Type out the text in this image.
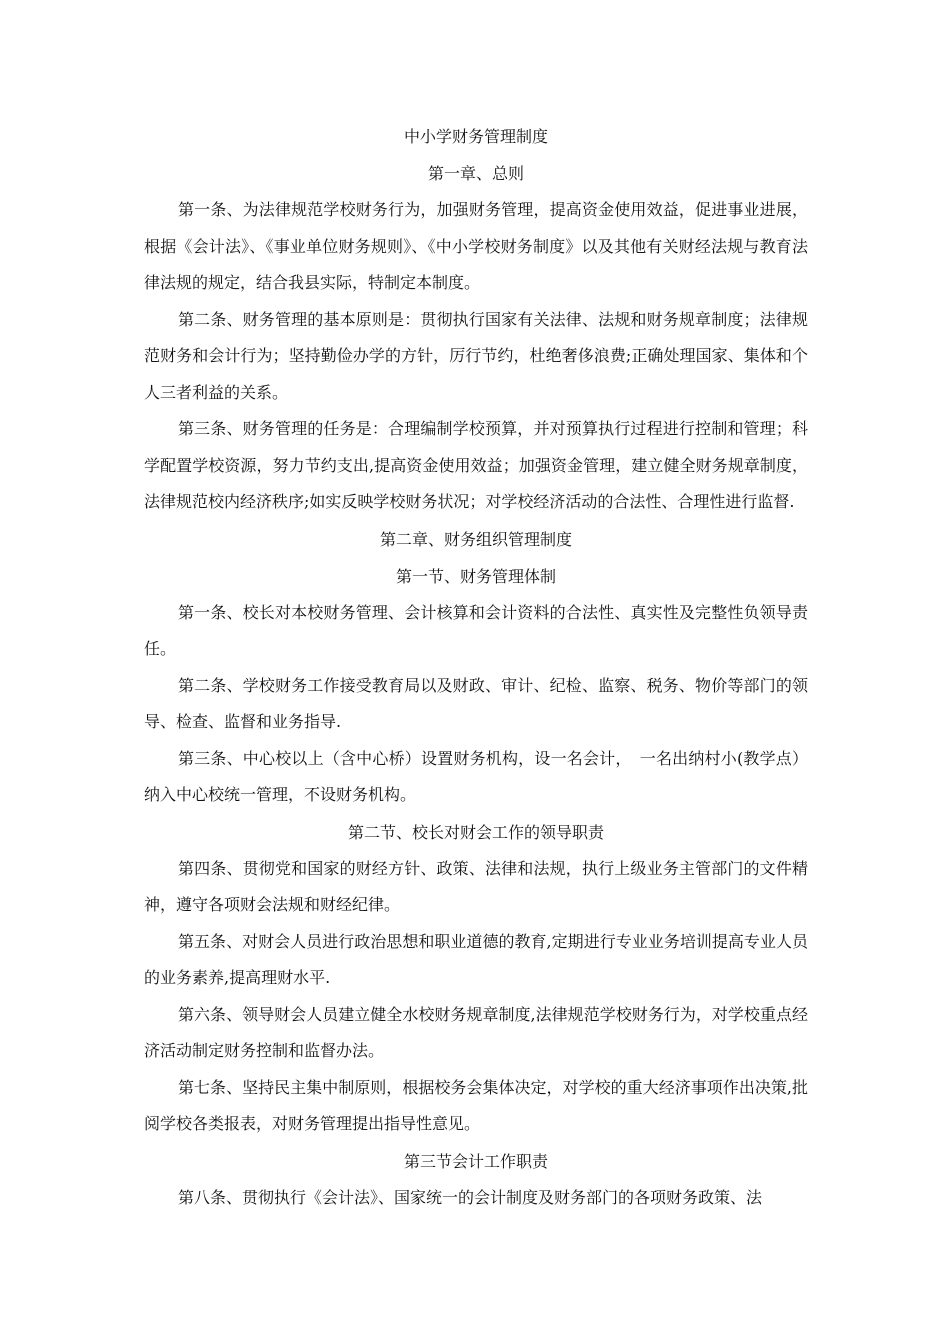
中小学财务管理制度
第一章、总则

第一条、为法律规范学校财务行为，加强财务管理，提高资金使用效益，促进事业进展，根据《会计法》、《事业单位财务规则》、《中小学校财务制度》以及其他有关财经法规与教育法律法规的规定，结合我县实际，特制定本制度。

第二条、财务管理的基本原则是：贯彻执行国家有关法律、法规和财务规章制度；法律规范财务和会计行为；坚持勤俭办学的方针，厉行节约，杜绝奢侈浪费;正确处理国家、集体和个人三者利益的关系。

第三条、财务管理的任务是：合理编制学校预算，并对预算执行过程进行控制和管理；科学配置学校资源，努力节约支出,提高资金使用效益；加强资金管理，建立健全财务规章制度，法律规范校内经济秩序;如实反映学校财务状况；对学校经济活动的合法性、合理性进行监督.

第二章、财务组织管理制度
第一节、财务管理体制

第一条、校长对本校财务管理、会计核算和会计资料的合法性、真实性及完整性负领导责任。

第二条、学校财务工作接受教育局以及财政、审计、纪检、监察、税务、物价等部门的领导、检查、监督和业务指导.

第三条、中心校以上（含中心桥）设置财务机构，设一名会计，　一名出纳村小(教学点）纳入中心校统一管理，不设财务机构。

第二节、校长对财会工作的领导职责

第四条、贯彻党和国家的财经方针、政策、法律和法规，执行上级业务主管部门的文件精神，遵守各项财会法规和财经纪律。

第五条、对财会人员进行政治思想和职业道德的教育,定期进行专业业务培训提高专业人员的业务素养,提高理财水平.

第六条、领导财会人员建立健全水校财务规章制度,法律规范学校财务行为，对学校重点经济活动制定财务控制和监督办法。

第七条、坚持民主集中制原则，根据校务会集体决定，对学校的重大经济事项作出决策,批阅学校各类报表，对财务管理提出指导性意见。

第三节会计工作职责

第八条、贯彻执行《会计法》、国家统一的会计制度及财务部门的各项财务政策、法
